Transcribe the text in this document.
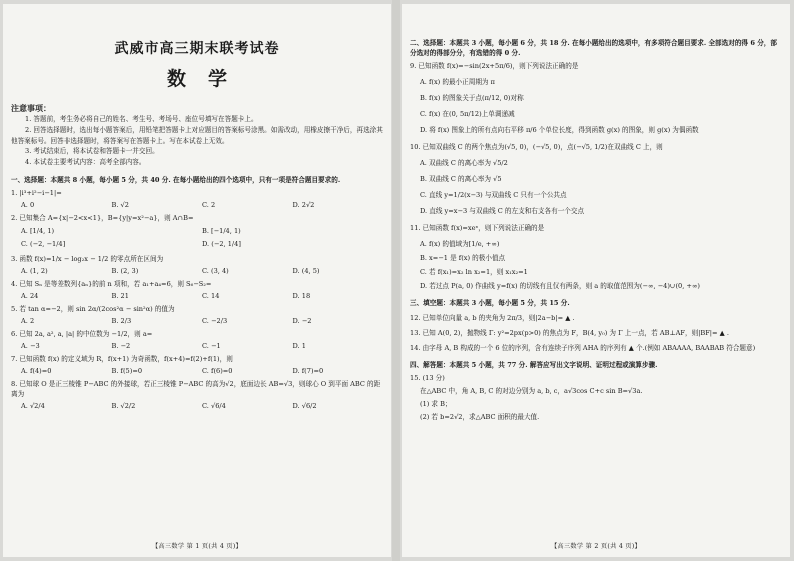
武威市高三期末联考试卷
数学
注意事项：
1. 答题前，考生务必将自己的姓名、考生号、考场号、座位号填写在答题卡上。
2. 回答选择题时，选出每小题答案后，用铅笔把答题卡上对应题目的答案标号涂黑。如需改动，用橡皮擦干净后，再选涂其他答案标号。回答非选择题时，将答案写在答题卡上。写在本试卷上无效。
3. 考试结束后，将本试卷和答题卡一并交回。
4. 本试卷主要考试内容：高考全部内容。
一、选择题：本题共 8 小题，每小题 5 分，共 40 分. 在每小题给出的四个选项中，只有一项是符合题目要求的.
1. |i³+i²−i−1|=
A. 0	B. √2	C. 2	D. 2√2
2. 已知集合 A={x|−2<x<1}，B={y|y=x²−a}，则 A∩B=
A. [1/4, 1)	B. [−1/4, 1)
C. (−2, −1/4]	D. (−2, 1/4]
3. 函数 f(x)=1/x − log₂x − 1/2 的零点所在区间为
A. (1, 2)	B. (2, 3)	C. (3, 4)	D. (4, 5)
4. 已知 Sₙ 是等差数列{aₙ}的前 n 项和，若 a₁+a₄=6，则 S₆−S₂=
A. 24	B. 21	C. 14	D. 18
5. 若 tan α=−2，则 sin 2α/(2cos²α − sin²α) 的值为
A. 2	B. 2/3	C. −2/3	D. −2
6. 已知 2a, a², a, |a| 的中位数为 −1/2，则 a=
A. −3	B. −2	C. −1	D. 1
7. 已知函数 f(x) 的定义域为 R，f(x+1) 为奇函数，f(x+4)=f(2)+f(1)，则
A. f(4)=0	B. f(5)=0	C. f(6)=0	D. f(7)=0
8. 已知球 O 是正三棱锥 P−ABC 的外接球，若正三棱锥 P−ABC 的高为√2，底面边长 AB=√3，则球心 O 到平面 ABC 的距离为
A. √2/4	B. √2/2	C. √6/4	D. √6/2
【高三数学 第 1 页(共 4 页)】
二、选择题：本题共 3 小题，每小题 6 分，共 18 分. 在每小题给出的选项中，有多项符合题目要求. 全部选对的得 6 分，部分选对的得部分分，有选错的得 0 分.
9. 已知函数 f(x)=−sin(2x+5π/6)，则下列说法正确的是
A. f(x) 的最小正周期为 π
B. f(x) 的图象关于点(π/12, 0)对称
C. f(x) 在(0, 5π/12)上单调递减
D. 将 f(x) 图象上的所有点向右平移 π/6 个单位长度，得到函数 g(x) 的图象，则 g(x) 为偶函数
10. 已知双曲线 C 的两个焦点为(√5, 0)，(−√5, 0)，点(−√5, 1/2)在双曲线 C 上，则
A. 双曲线 C 的离心率为 √5/2
B. 双曲线 C 的离心率为 √5
C. 直线 y=1/2(x−3) 与双曲线 C 只有一个公共点
D. 直线 y=x−3 与双曲线 C 的左支和右支各有一个交点
11. 已知函数 f(x)=xeˣ，则下列说法正确的是
A. f(x) 的值域为[1/e, +∞)
B. x=−1 是 f(x) 的极小值点
C. 若 f(x₁)=x₂ ln x₂=1，则 x₁x₂=1
D. 若过点 P(a, 0) 作曲线 y=f(x) 的切线有且仅有两条，则 a 的取值范围为(−∞, −4)∪(0, +∞)
三、填空题：本题共 3 小题，每小题 5 分，共 15 分.
12. 已知单位向量 a, b 的夹角为 2π/3，则|2a−b|= ▲ .
13. 已知 A(0, 2)，抛物线 Γ: y²=2px(p>0) 的焦点为 F，B(4, y₀) 为 Γ 上一点，若 AB⊥AF，则|BF|= ▲ .
14. 由字母 A, B 构成的一个 6 位的序列，含有连续子序列 AHA 的序列有 ▲ 个.(例如 ABAAAA, BAABAB 符合题意)
四、解答题：本题共 5 小题，共 77 分. 解答应写出文字说明、证明过程或演算步骤.
15. (13 分)
在△ABC 中，角 A, B, C 的对边分别为 a, b, c，a√3cos C+c sin B=√3a.
(1) 求 B；
(2) 若 b=2√2，求△ABC 面积的最大值.
【高三数学 第 2 页(共 4 页)】
